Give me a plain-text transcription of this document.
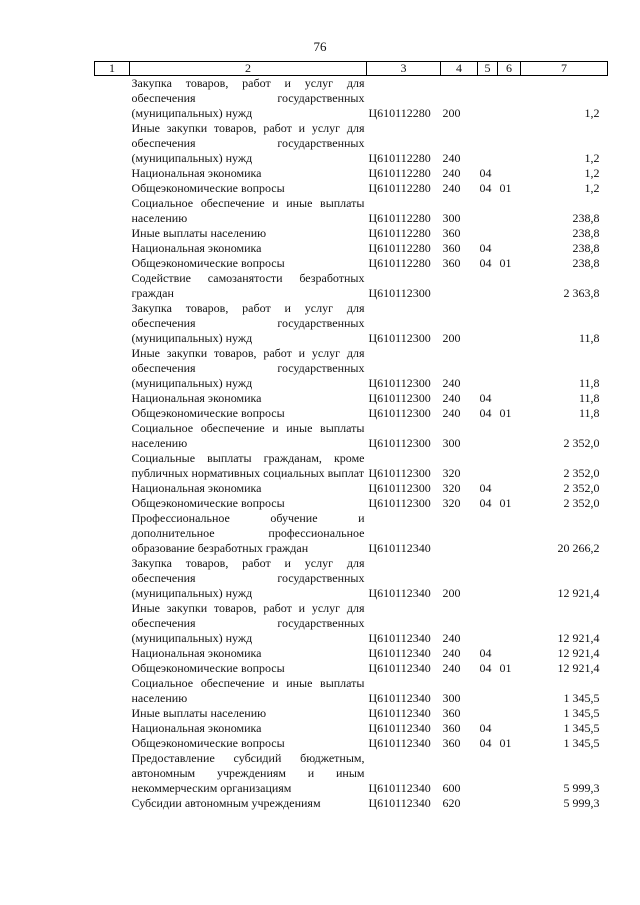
76
1	2	3	4	5	6	7
	Закупка товаров, работ и услуг для обеспечения государственных (муниципальных) нужд	Ц610112280	200			1,2
	Иные закупки товаров, работ и услуг для обеспечения государственных (муниципальных) нужд	Ц610112280	240			1,2
	Национальная экономика	Ц610112280	240	04		1,2
	Общеэкономические вопросы	Ц610112280	240	04	01	1,2
	Социальное обеспечение и иные выплаты населению	Ц610112280	300			238,8
	Иные выплаты населению	Ц610112280	360			238,8
	Национальная экономика	Ц610112280	360	04		238,8
	Общеэкономические вопросы	Ц610112280	360	04	01	238,8
	Содействие самозанятости безработных граждан	Ц610112300				2 363,8
	Закупка товаров, работ и услуг для обеспечения государственных (муниципальных) нужд	Ц610112300	200			11,8
	Иные закупки товаров, работ и услуг для обеспечения государственных (муниципальных) нужд	Ц610112300	240			11,8
	Национальная экономика	Ц610112300	240	04		11,8
	Общеэкономические вопросы	Ц610112300	240	04	01	11,8
	Социальное обеспечение и иные выплаты населению	Ц610112300	300			2 352,0
	Социальные выплаты гражданам, кроме публичных нормативных социальных выплат	Ц610112300	320			2 352,0
	Национальная экономика	Ц610112300	320	04		2 352,0
	Общеэкономические вопросы	Ц610112300	320	04	01	2 352,0
	Профессиональное обучение и дополнительное профессиональное образование безработных граждан	Ц610112340				20 266,2
	Закупка товаров, работ и услуг для обеспечения государственных (муниципальных) нужд	Ц610112340	200			12 921,4
	Иные закупки товаров, работ и услуг для обеспечения государственных (муниципальных) нужд	Ц610112340	240			12 921,4
	Национальная экономика	Ц610112340	240	04		12 921,4
	Общеэкономические вопросы	Ц610112340	240	04	01	12 921,4
	Социальное обеспечение и иные выплаты населению	Ц610112340	300			1 345,5
	Иные выплаты населению	Ц610112340	360			1 345,5
	Национальная экономика	Ц610112340	360	04		1 345,5
	Общеэкономические вопросы	Ц610112340	360	04	01	1 345,5
	Предоставление субсидий бюджетным, автономным учреждениям и иным некоммерческим организациям	Ц610112340	600			5 999,3
	Субсидии автономным учреждениям	Ц610112340	620			5 999,3
